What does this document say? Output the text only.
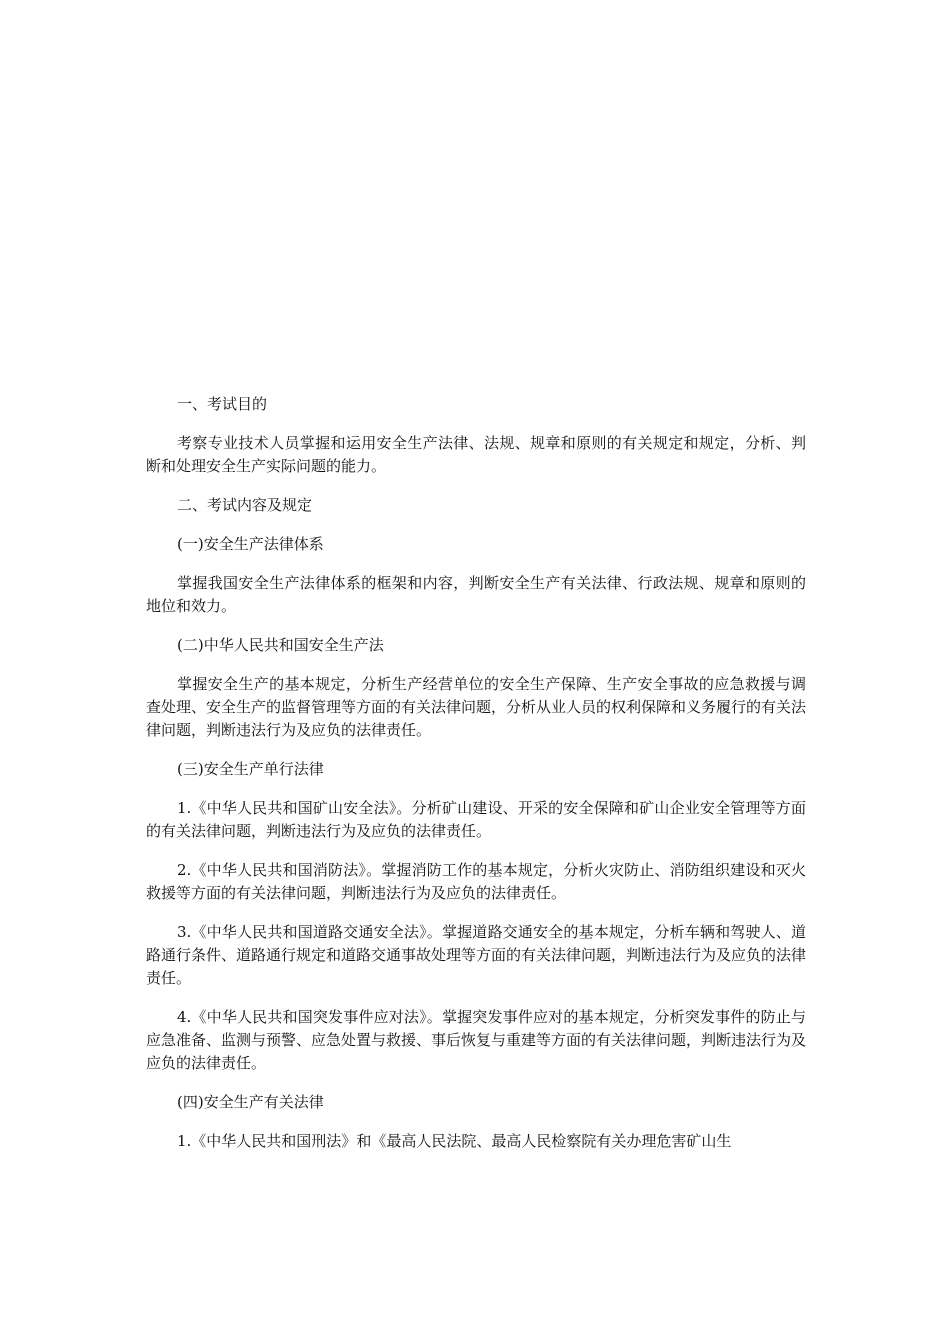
一、考试目的

考察专业技术人员掌握和运用安全生产法律、法规、规章和原则的有关规定和规定，分析、判断和处理安全生产实际问题的能力。

二、考试内容及规定

(一)安全生产法律体系

掌握我国安全生产法律体系的框架和内容，判断安全生产有关法律、行政法规、规章和原则的地位和效力。

(二)中华人民共和国安全生产法

掌握安全生产的基本规定，分析生产经营单位的安全生产保障、生产安全事故的应急救援与调查处理、安全生产的监督管理等方面的有关法律问题，分析从业人员的权利保障和义务履行的有关法律问题，判断违法行为及应负的法律责任。

(三)安全生产单行法律

1.《中华人民共和国矿山安全法》。分析矿山建设、开采的安全保障和矿山企业安全管理等方面的有关法律问题，判断违法行为及应负的法律责任。

2.《中华人民共和国消防法》。掌握消防工作的基本规定，分析火灾防止、消防组织建设和灭火救援等方面的有关法律问题，判断违法行为及应负的法律责任。

3.《中华人民共和国道路交通安全法》。掌握道路交通安全的基本规定，分析车辆和驾驶人、道路通行条件、道路通行规定和道路交通事故处理等方面的有关法律问题，判断违法行为及应负的法律责任。

4.《中华人民共和国突发事件应对法》。掌握突发事件应对的基本规定，分析突发事件的防止与应急准备、监测与预警、应急处置与救援、事后恢复与重建等方面的有关法律问题，判断违法行为及应负的法律责任。

(四)安全生产有关法律

1.《中华人民共和国刑法》和《最高人民法院、最高人民检察院有关办理危害矿山生
